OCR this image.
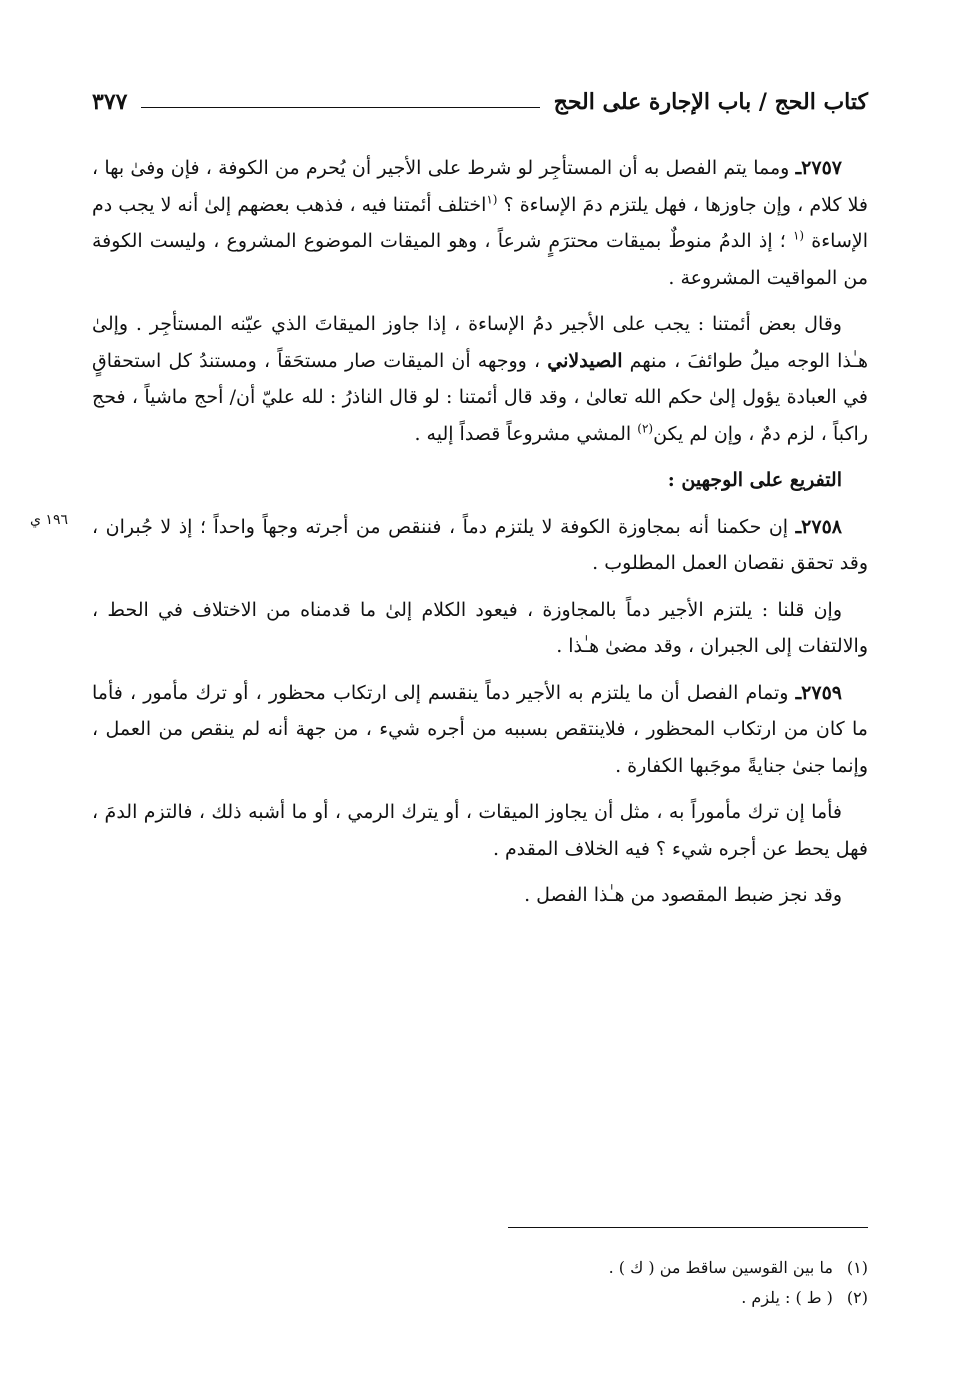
كتاب الحج / باب الإجارة على الحج
٣٧٧
١٩٦ ي

٢٧٥٧ـ ومما يتم الفصل به أن المستأجِر لو شرط على الأجير أن يُحرم من الكوفة ، فإن وفىٰ بها ، فلا كلام ، وإن جاوزها ، فهل يلتزم دمَ الإساءة ؟ $^{(١}$اختلف أئمتنا فيه ، فذهب بعضهم إلىٰ أنه لا يجب دم الإساءة $^{(١}$ ؛ إذ الدمُ منوطٌ بميقات محترَمٍ شرعاً ، وهو الميقات الموضوع المشروع ، وليست الكوفة من المواقيت المشروعة .

وقال بعض أئمتنا : يجب على الأجير دمُ الإساءة ، إذا جاوز الميقاتَ الذي عيّنه المستأجِر . وإلىٰ هـٰذا الوجه ميلُ طوائفَ ، منهم الصيدلاني ، ووجهه أن الميقات صار مستحَقاً ، ومستندُ كل استحقاقٍ في العبادة يؤول إلىٰ حكم الله تعالىٰ ، وقد قال أئمتنا : لو قال الناذرُ : لله عليّ أن/ أحج ماشياً ، فحج راكباً ، لزم دمٌ ، وإن لم يكن$^{(٢)}$ المشي مشروعاً قصداً إليه .

التفريع على الوجهين :

٢٧٥٨ـ إن حكمنا أنه بمجاوزة الكوفة لا يلتزم دماً ، فننقص من أجرته وجهاً واحداً ؛ إذ لا جُبران ، وقد تحقق نقصان العمل المطلوب .

وإن قلنا : يلتزم الأجير دماً بالمجاوزة ، فيعود الكلام إلىٰ ما قدمناه من الاختلاف في الحط ، والالتفات إلى الجبران ، وقد مضىٰ هـٰذا .

٢٧٥٩ـ وتمام الفصل أن ما يلتزم به الأجير دماً ينقسم إلى ارتكاب محظور ، أو ترك مأمور ، فأما ما كان من ارتكاب المحظور ، فلاينتقص بسببه من أجره شيء ، من جهة أنه لم ينقص من العمل ، وإنما جنىٰ جنايةً موجَبها الكفارة .

فأما إن ترك مأموراً به ، مثل أن يجاوز الميقات ، أو يترك الرمي ، أو ما أشبه ذلك ، فالتزم الدمَ ، فهل يحط عن أجره شيء ؟ فيه الخلاف المقدم .

وقد نجز ضبط المقصود من هـٰذا الفصل .

(١)ما بين القوسين ساقط من ( ك ) .

(٢)( ط ) : يلزم .
